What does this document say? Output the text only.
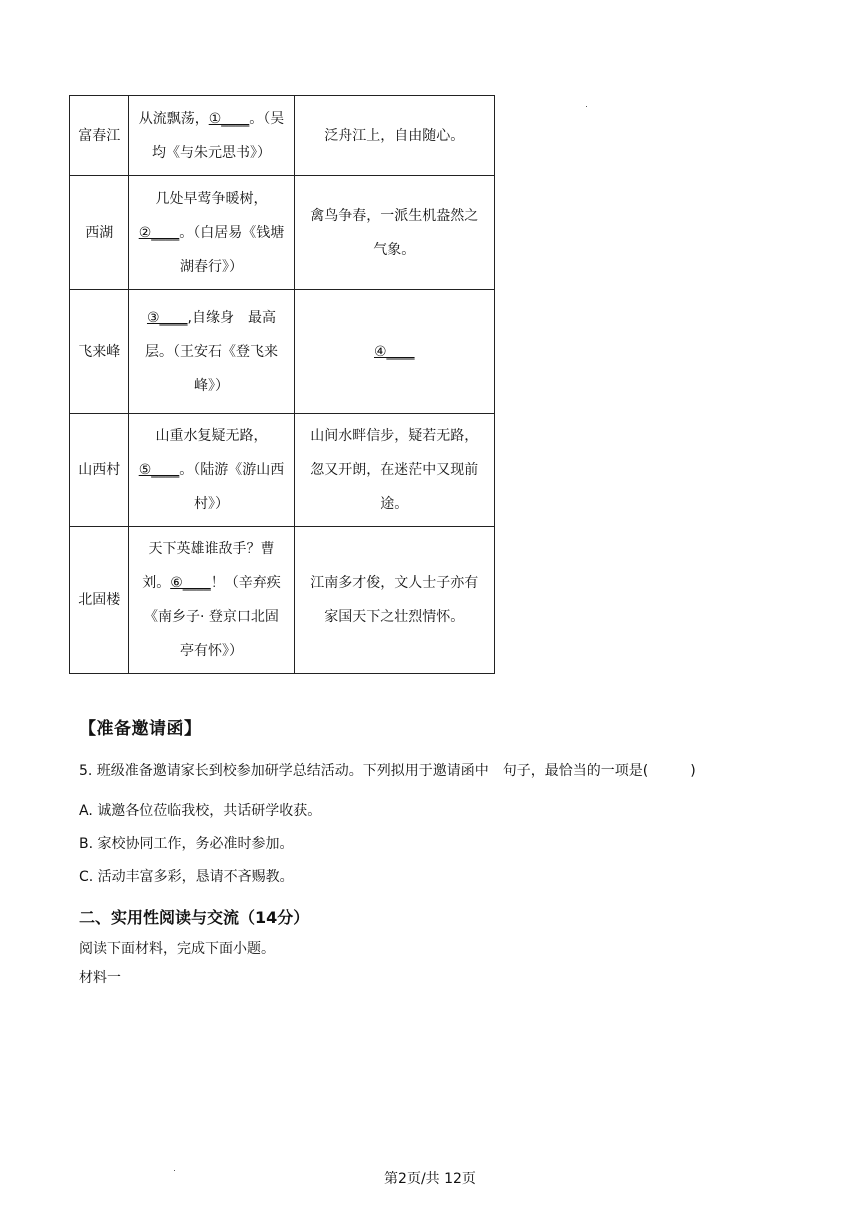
富春江	从流飘荡，①____。（吴均《与朱元思书》）	泛舟江上，自由随心。
西湖	几处早莺争暖树，②____。（白居易《钱塘湖春行》）	禽鸟争春，一派生机盎然之气象。
飞来峰	③____,自缘身　最高层。（王安石《登飞来峰》）	④____
山西村	山重水复疑无路，⑤____。（陆游《游山西村》）	山间水畔信步，疑若无路，忽又开朗，在迷茫中又现前途。
北固楼	天下英雄谁敌手？曹刘。⑥____！（辛弃疾《南乡子· 登京口北固亭有怀》）	江南多才俊，文人士子亦有家国天下之壮烈情怀。
【准备邀请函】
5. 班级准备邀请家长到校参加研学总结活动。下列拟用于邀请函中　句子，最恰当的一项是(　　　)
A. 诚邀各位莅临我校，共话研学收获。
B. 家校协同工作，务必准时参加。
C. 活动丰富多彩，恳请不吝赐教。
二、实用性阅读与交流（14分）
阅读下面材料，完成下面小题。
材料一
第2页/共 12页
